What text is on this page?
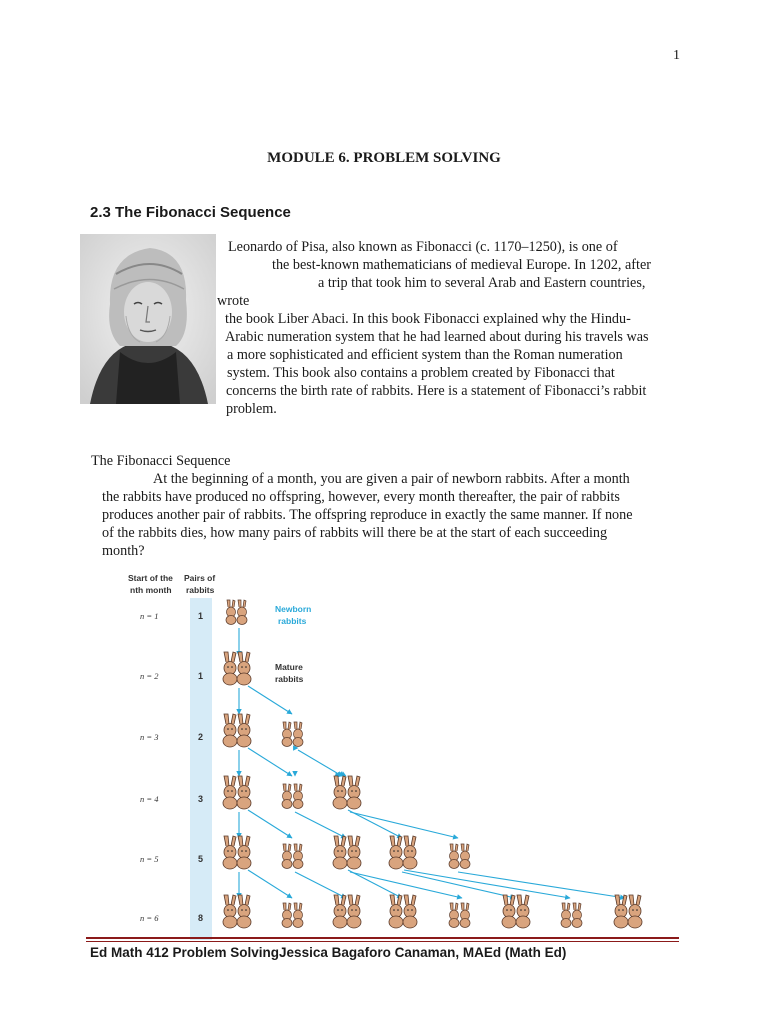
1
MODULE 6. PROBLEM SOLVING
2.3 The Fibonacci Sequence
Leonardo of Pisa, also known as Fibonacci (c. 1170–1250), is one of
the best-known mathematicians of medieval Europe. In 1202, after
a trip that took him to several Arab and Eastern countries,
wrote
the book Liber Abaci. In this book Fibonacci explained why the Hindu-
Arabic numeration system that he had learned about during his travels was
a more sophisticated and efficient system than the Roman numeration
system. This book also contains a problem created by Fibonacci that
concerns the birth rate of rabbits. Here is a statement of Fibonacci’s rabbit
problem.
The Fibonacci Sequence
At the beginning of a month, you are given a pair of newborn rabbits. After a month
the rabbits have produced no offspring, however, every month thereafter, the pair of rabbits
produces another pair of rabbits. The offspring reproduce in exactly the same manner. If none
of the rabbits dies, how many pairs of rabbits will there be at the start of each succeeding
month?
Start of the
nth month
Pairs of
rabbits
Newborn
rabbits
Mature
rabbits
n = 1	1
n = 2	1
n = 3	2
n = 4	3
n = 5	5
n = 6	8
Ed Math 412 Problem SolvingJessica Bagaforo Canaman, MAEd (Math Ed)
